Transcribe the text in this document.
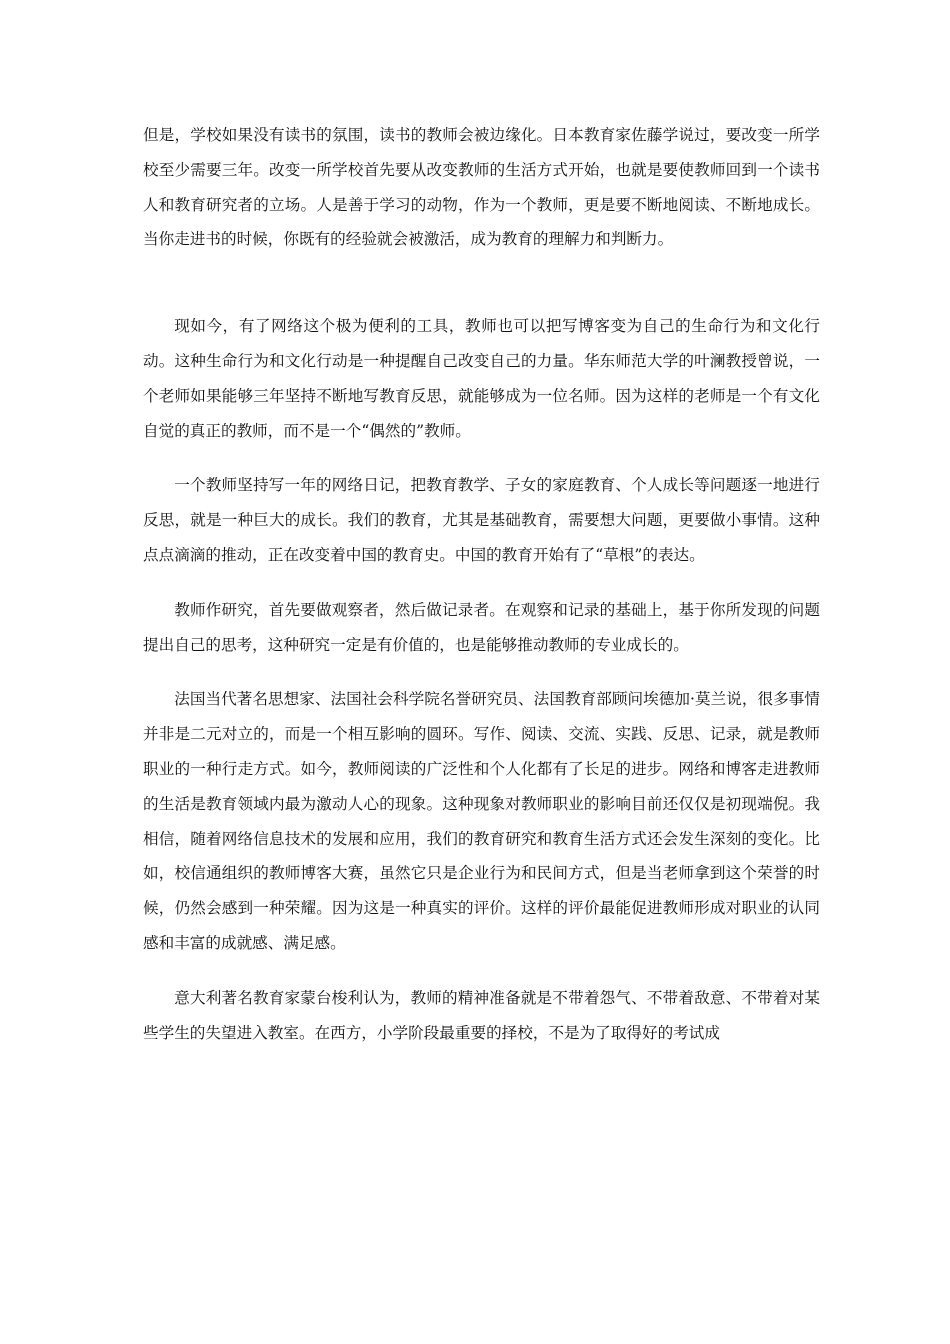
但是，学校如果没有读书的氛围，读书的教师会被边缘化。日本教育家佐藤学说过，要改变一所学校至少需要三年。改变一所学校首先要从改变教师的生活方式开始，也就是要使教师回到一个读书人和教育研究者的立场。人是善于学习的动物，作为一个教师，更是要不断地阅读、不断地成长。当你走进书的时候，你既有的经验就会被激活，成为教育的理解力和判断力。

现如今，有了网络这个极为便利的工具，教师也可以把写博客变为自己的生命行为和文化行动。这种生命行为和文化行动是一种提醒自己改变自己的力量。华东师范大学的叶澜教授曾说，一个老师如果能够三年坚持不断地写教育反思，就能够成为一位名师。因为这样的老师是一个有文化自觉的真正的教师，而不是一个“偶然的”教师。

一个教师坚持写一年的网络日记，把教育教学、子女的家庭教育、个人成长等问题逐一地进行反思，就是一种巨大的成长。我们的教育，尤其是基础教育，需要想大问题，更要做小事情。这种点点滴滴的推动，正在改变着中国的教育史。中国的教育开始有了“草根”的表达。

教师作研究，首先要做观察者，然后做记录者。在观察和记录的基础上，基于你所发现的问题提出自己的思考，这种研究一定是有价值的，也是能够推动教师的专业成长的。

法国当代著名思想家、法国社会科学院名誉研究员、法国教育部顾问埃德加·莫兰说，很多事情并非是二元对立的，而是一个相互影响的圆环。写作、阅读、交流、实践、反思、记录，就是教师职业的一种行走方式。如今，教师阅读的广泛性和个人化都有了长足的进步。网络和博客走进教师的生活是教育领域内最为激动人心的现象。这种现象对教师职业的影响目前还仅仅是初现端倪。我相信，随着网络信息技术的发展和应用，我们的教育研究和教育生活方式还会发生深刻的变化。比如，校信通组织的教师博客大赛，虽然它只是企业行为和民间方式，但是当老师拿到这个荣誉的时候，仍然会感到一种荣耀。因为这是一种真实的评价。这样的评价最能促进教师形成对职业的认同感和丰富的成就感、满足感。

意大利著名教育家蒙台梭利认为，教师的精神准备就是不带着怨气、不带着敌意、不带着对某些学生的失望进入教室。在西方，小学阶段最重要的择校，不是为了取得好的考试成
